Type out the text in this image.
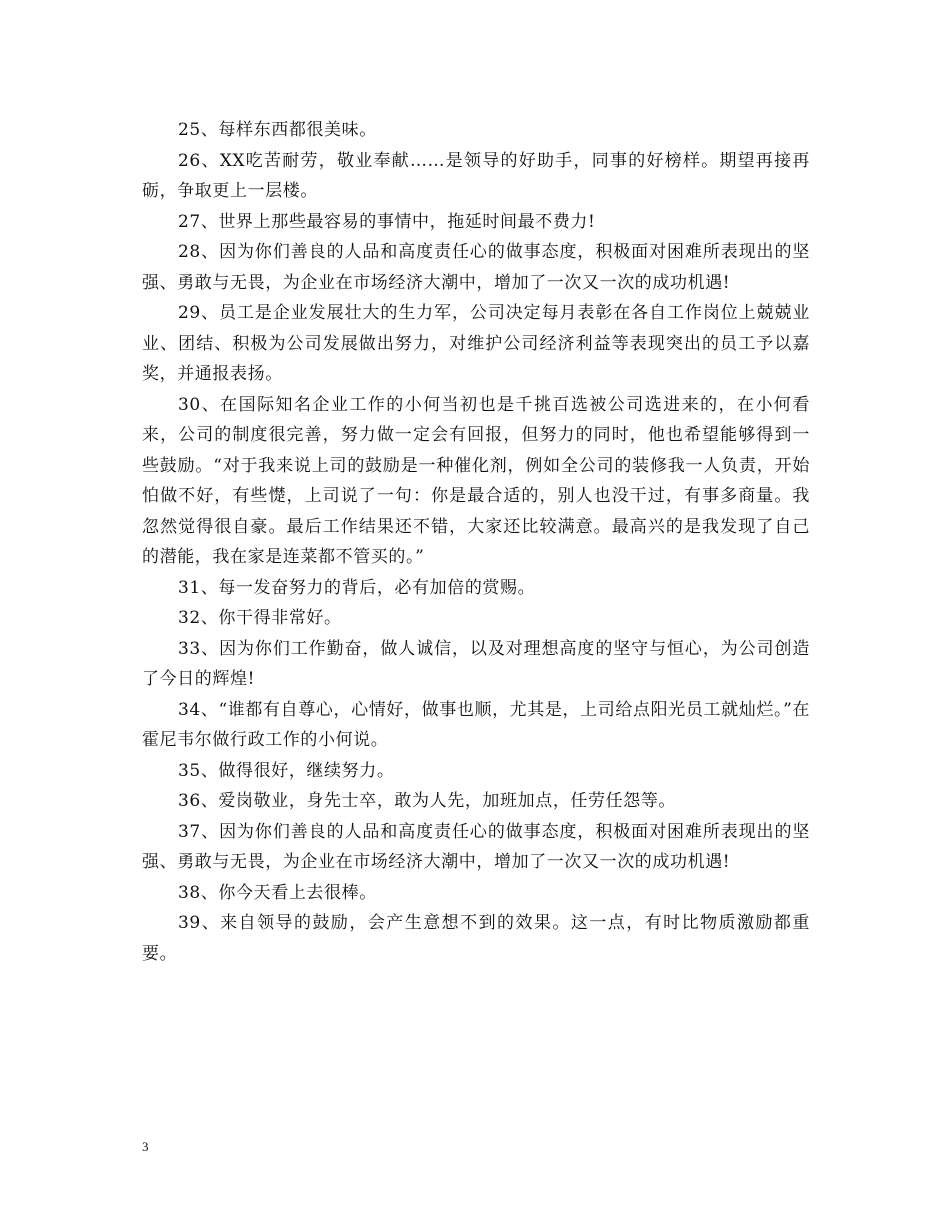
25、每样东西都很美味。

26、XX吃苦耐劳，敬业奉献……是领导的好助手，同事的好榜样。期望再接再砺，争取更上一层楼。

27、世界上那些最容易的事情中，拖延时间最不费力!

28、因为你们善良的人品和高度责任心的做事态度，积极面对困难所表现出的坚强、勇敢与无畏，为企业在市场经济大潮中，增加了一次又一次的成功机遇!

29、员工是企业发展壮大的生力军，公司决定每月表彰在各自工作岗位上兢兢业业、团结、积极为公司发展做出努力，对维护公司经济利益等表现突出的员工予以嘉奖，并通报表扬。

30、在国际知名企业工作的小何当初也是千挑百选被公司选进来的，在小何看来，公司的制度很完善，努力做一定会有回报，但努力的同时，他也希望能够得到一些鼓励。“对于我来说上司的鼓励是一种催化剂，例如全公司的装修我一人负责，开始怕做不好，有些憷，上司说了一句：你是最合适的，别人也没干过，有事多商量。我忽然觉得很自豪。最后工作结果还不错，大家还比较满意。最高兴的是我发现了自己的潜能，我在家是连菜都不管买的。”

31、每一发奋努力的背后，必有加倍的赏赐。

32、你干得非常好。

33、因为你们工作勤奋，做人诚信，以及对理想高度的坚守与恒心，为公司创造了今日的辉煌!

34、“谁都有自尊心，心情好，做事也顺，尤其是，上司给点阳光员工就灿烂。”在霍尼韦尔做行政工作的小何说。

35、做得很好，继续努力。

36、爱岗敬业，身先士卒，敢为人先，加班加点，任劳任怨等。

37、因为你们善良的人品和高度责任心的做事态度，积极面对困难所表现出的坚强、勇敢与无畏，为企业在市场经济大潮中，增加了一次又一次的成功机遇!

38、你今天看上去很棒。

39、来自领导的鼓励，会产生意想不到的效果。这一点，有时比物质激励都重要。

3
